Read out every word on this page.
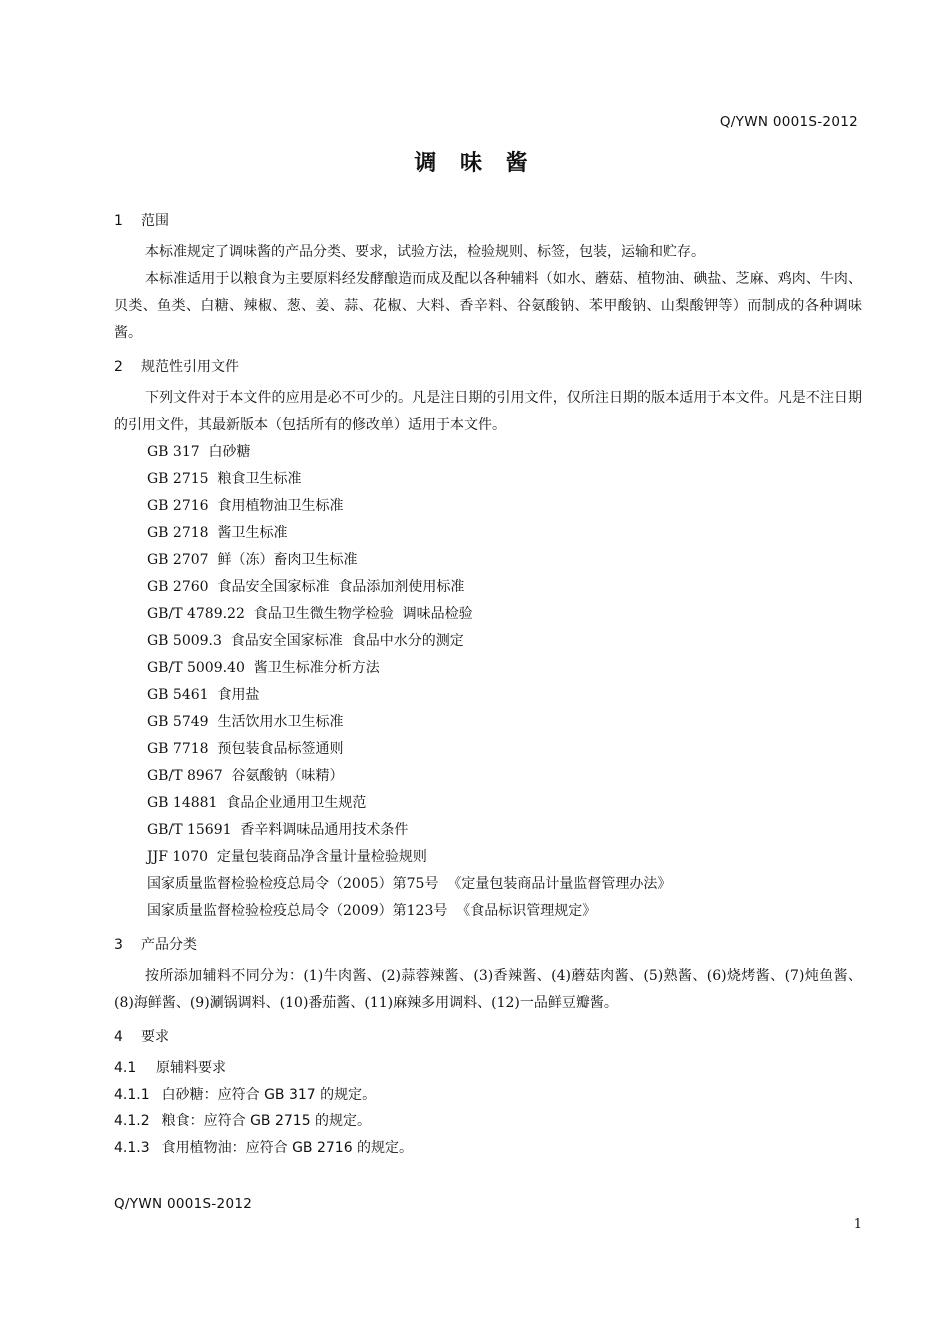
Q/YWN 0001S-2012
调 味 酱
1 范围
本标准规定了调味酱的产品分类、要求，试验方法，检验规则、标签，包装，运输和贮存。
本标准适用于以粮食为主要原料经发酵酿造而成及配以各种辅料（如水、蘑菇、植物油、碘盐、芝麻、鸡肉、牛肉、贝类、鱼类、白糖、辣椒、葱、姜、蒜、花椒、大料、香辛料、谷氨酸钠、苯甲酸钠、山梨酸钾等）而制成的各种调味酱。
2 规范性引用文件
下列文件对于本文件的应用是必不可少的。凡是注日期的引用文件，仅所注日期的版本适用于本文件。凡是不注日期的引用文件，其最新版本（包括所有的修改单）适用于本文件。
GB 317  白砂糖
GB 2715  粮食卫生标准
GB 2716  食用植物油卫生标准
GB 2718  酱卫生标准
GB 2707  鲜（冻）畜肉卫生标准
GB 2760  食品安全国家标准  食品添加剂使用标准
GB/T 4789.22  食品卫生微生物学检验  调味品检验
GB 5009.3  食品安全国家标准  食品中水分的测定
GB/T 5009.40  酱卫生标准分析方法
GB 5461  食用盐
GB 5749  生活饮用水卫生标准
GB 7718  预包装食品标签通则
GB/T 8967  谷氨酸钠（味精）
GB 14881  食品企业通用卫生规范
GB/T 15691  香辛料调味品通用技术条件
JJF 1070  定量包装商品净含量计量检验规则
国家质量监督检验检疫总局令（2005）第75号  《定量包装商品计量监督管理办法》
国家质量监督检验检疫总局令（2009）第123号  《食品标识管理规定》
3 产品分类
按所添加辅料不同分为：(1)牛肉酱、(2)蒜蓉辣酱、(3)香辣酱、(4)蘑菇肉酱、(5)熟酱、(6)烧烤酱、(7)炖鱼酱、(8)海鲜酱、(9)涮锅调料、(10)番茄酱、(11)麻辣多用调料、(12)一品鲜豆瓣酱。
4 要求
4.1 原辅料要求
4.1.1 白砂糖：应符合 GB 317 的规定。
4.1.2 粮食：应符合 GB 2715 的规定。
4.1.3 食用植物油：应符合 GB 2716 的规定。
Q/YWN 0001S-2012
1
